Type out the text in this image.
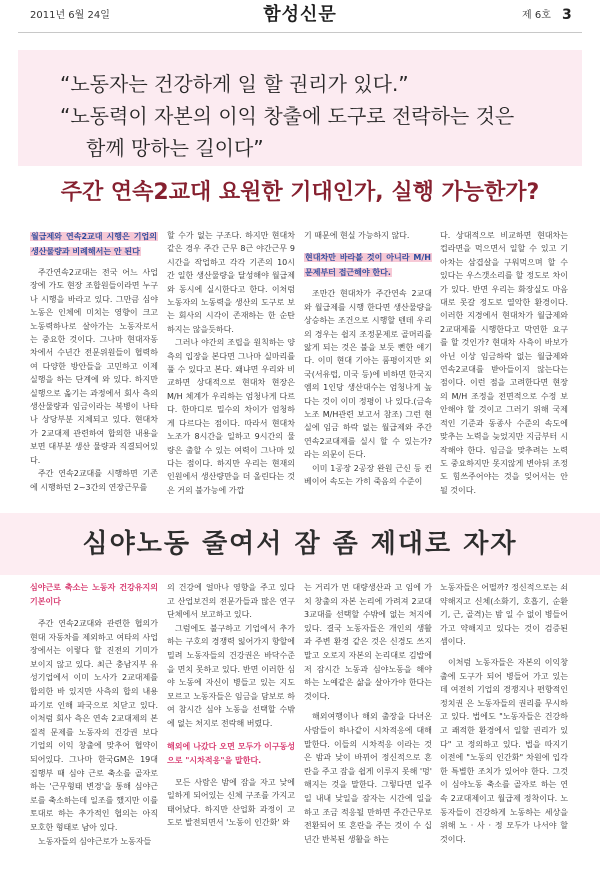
2011년 6월 24일	함성신문	제 6호 3
“노동자는 건강하게 일 할 권리가 있다.”
“노동력이 자본의 이익 창출에 도구로 전락하는 것은
함께 망하는 길이다”
주간 연속2교대 요원한 기대인가, 실행 가능한가?
월급제와 연속2교대 시행은 기업의 생산물량과 비례해서는 안 된다

주간연속2교대는 전국 어느 사업장에 가도 현장 조합원들이라면 누구나 시행을 바라고 있다. 그만큼 심야노동은 인체에 미치는 영향이 크고 노동력하나로 살아가는 노동자로서는 중요한 것이다. 그나마 현대자동차에서 수년간 전문위원들이 협력하여 다양한 방안들을 고민하고 이제 실행을 하는 단계에 와 있다. 하지만 실행으로 옮기는 과정에서 회사 측의 생산물량과 임금이라는 복병이 나타나 상당부분 지체되고 있다. 현대차가 2교대제 관련하여 합의한 내용을 보면 대부분 생산 물량과 직결되어있다.

주간 연속2교대를 시행하면 기존에 시행하던 2~3간의 연장근무를

할 수가 없는 구조다. 하지만 현대차 같은 경우 주간 근무 8근 야간근무 9시간을 작업하고 각각 기존의 10시간 일한 생산물량을 달성해야 월급제와 동시에 실시한다고 한다. 이처럼 노동자의 노동력을 생산의 도구로 보는 회사의 시각이 존재하는 한 순탄하지는 않을듯하다.

그러나 야간의 조립을 원칙하는 양측의 입장을 본다면 그나마 실마리를 풀 수 있다고 본다. 왜냐면 우리와 비교하면 상대적으로 현대차 현장은 M/H 체계가 우리하는 엄청나게 다르다. 한마디로 밀수의 차이가 엄청하게 다르다는 점이다. 따라서 현대차 노조가 8시간을 일하고 9시간의 물량은 출할 수 있는 여력이 그나마 있다는 점이다. 하지만 우리는 현재의 인원에서 생산량만을 더 올린다는 것은 거의 불가능에 가깝

기 때문에 현실 가능하지 않다.

현대차만 바라볼 것이 아니라 M/H 문제부터 접근해야 한다.

조만간 현대차가 주간연속 2교대와 월급제를 시행 한다면 생산물량을 상승하는 조건으로 시행할 텐데 우리의 경우는 쉽지 조정문제로 골머리를 앓게 되는 것은 불을 보듯 뻔한 얘기다. 이미 현대 기아는 품평이지만 외국(서유럽, 미국 등)에 비하면 한국지엠의 1인당 생산대수는 엄청나게 높다는 것이 이미 정평이 나 있다.(금속노조 M/H관련 보고서 참조) 그런 현실에 임금 하락 없는 월급제와 주간 연속2교대제를 실시 할 수 있는가? 라는 의문이 든다.

이미 1공장 2공장 완원 근신 등 컨베이어 속도는 가히 죽음의 수준이

다. 상대적으로 비교하면 현대차는 컵라면을 먹으면서 일할 수 있고 기아차는 삼겹살을 구워먹으며 할 수 있다는 우스갯소리를 할 정도로 차이가 있다. 반면 우리는 화장실도 마음대로 못갈 정도로 열악한 환경이다. 이러한 지경에서 현대차가 월급제와 2교대제를 시행한다고 막연한 요구를 할 것인가? 현대차 사측이 바보가 아닌 이상 임금하락 없는 월급제와 연속2교대를 받아들이지 않는다는 점이다. 이런 점을 고려한다면 현장의 M/H 조정을 전면적으로 수정 보안해야 할 것이고 그러기 위해 국제적인 기준과 동종사 수준의 속도에 맞추는 노력을 늦었지만 지금부터 시작해야 한다. 임금을 맞추려는 노력도 중요하지만 못지않게 변아뒤 조정도 힘쓰주어야는 것을 잊어서는 안 될 것이다.

심야노동 줄여서 잠 좀 제대로 자자
심야근로 축소는 노동자 건강유지의 기본이다

주간 연속2교대와 관련한 협의가 현대 자동차를 제외하고 여타의 사업장에서는 이렇다 할 진전의 기미가 보이지 않고 있다. 최근 충남지부 유성기업에서 이미 노사가 2교대제를 합의한 바 있지만 사측의 합의 내용 파기로 인해 파국으로 치닫고 있다. 이처럼 회사 측은 연속 2교대제의 본질적 문제를 노동자의 건강권 보다 기업의 이익 창출에 맞추어 협약이 되어있다. 그나마 한국GM은 19대 집행부 때 심야 근로 축소를 골자로 하는 '근무형태 변경'을 통해 심야근로를 축소하는데 일조를 했지만 이를 토대로 하는 추가적인 협의는 아직 모호한 형태로 남아 있다.

노동자들의 심야근로가 노동자들

의 건강에 얼마나 영향을 주고 있다고 산업보건의 전문가들과 많은 연구 단체에서 보고하고 있다.

그럼에도 불구하고 기업에서 추가하는 구호의 경쟁력 잃어가지 향할에 밀려 노동자들의 건강권은 바닥수준을 면치 못하고 있다. 반면 이러한 심야 노동에 자신이 병들고 있는 지도 모르고 노동자들은 임금을 담보로 하여 참시간 심야 노동을 선택할 수밖에 없는 처지로 전락해 버렸다.

해외에 나갔다 오면 모두가 이구동성으로 "시차적응"을 말한다.

모든 사람은 밤에 잠을 자고 낮에 일하게 되어있는 신체 구조를 가지고 태어났다. 하지만 산업화 과정이 고도로 발전되면서 '노동이 인간화' 와

는 거리가 먼 대량생산과 고 임에 가치 창출의 자본 논리에 가려져 2교대 3교대를 선택할 수밖에 없는 처지에 있다. 결국 노동자들은 개인의 생활과 주변 환경 같은 것은 신경도 쓰지 말고 오로지 자본의 논리대로 김밥에 저 잠시간 노동과 심야노동을 해야 하는 노예같은 삶을 살아가야 한다는 것이다.

해외여행이나 해외 출장을 다녀온 사람들이 하나같이 시차적응에 대해 말한다. 이들의 시차적응 이라는 것은 밤과 낮이 바뀌어 정신적으로 혼란을 주고 잠을 쉽게 이루지 못해 '멍' 해지는 것을 말한다. 그렇다면 일주일 내내 낮일을 잠자는 시간에 일을 하고 조금 적응될 만하면 주간근무로 전환되어 또 혼란을 주는 것이 수 십 년간 반복된 생활을 하는

노동자들은 어떨까? 정신적으로는 쇠약해지고 신체(소화기, 호흡기, 순환기, 근, 골격)는 밤 일 수 없이 병들어 가고 약해지고 있다는 것이 검증된 셈이다.

이처럼 노동자들은 자본의 이익창출에 도구가 되어 병들어 가고 있는데 여전히 기업의 경쟁지나 편향적인 정치권 은 노동자들의 권리를 무시하고 있다. 법에도 "노동자들은 건강하고 쾌적한 환경에서 일할 권리가 있다" 고 정의하고 있다. 법을 따지기 이전에 "노동의 인간화" 차원에 입각한 특별한 조치가 있어야 한다. 그것이 심야노동 축소를 골자로 하는 연속 2교대제이고 월급제 정착이다. 노동자들이 건강하게 노동하는 세상을 위해 노 · 사 · 정 모두가 나서야 할 것이다.
